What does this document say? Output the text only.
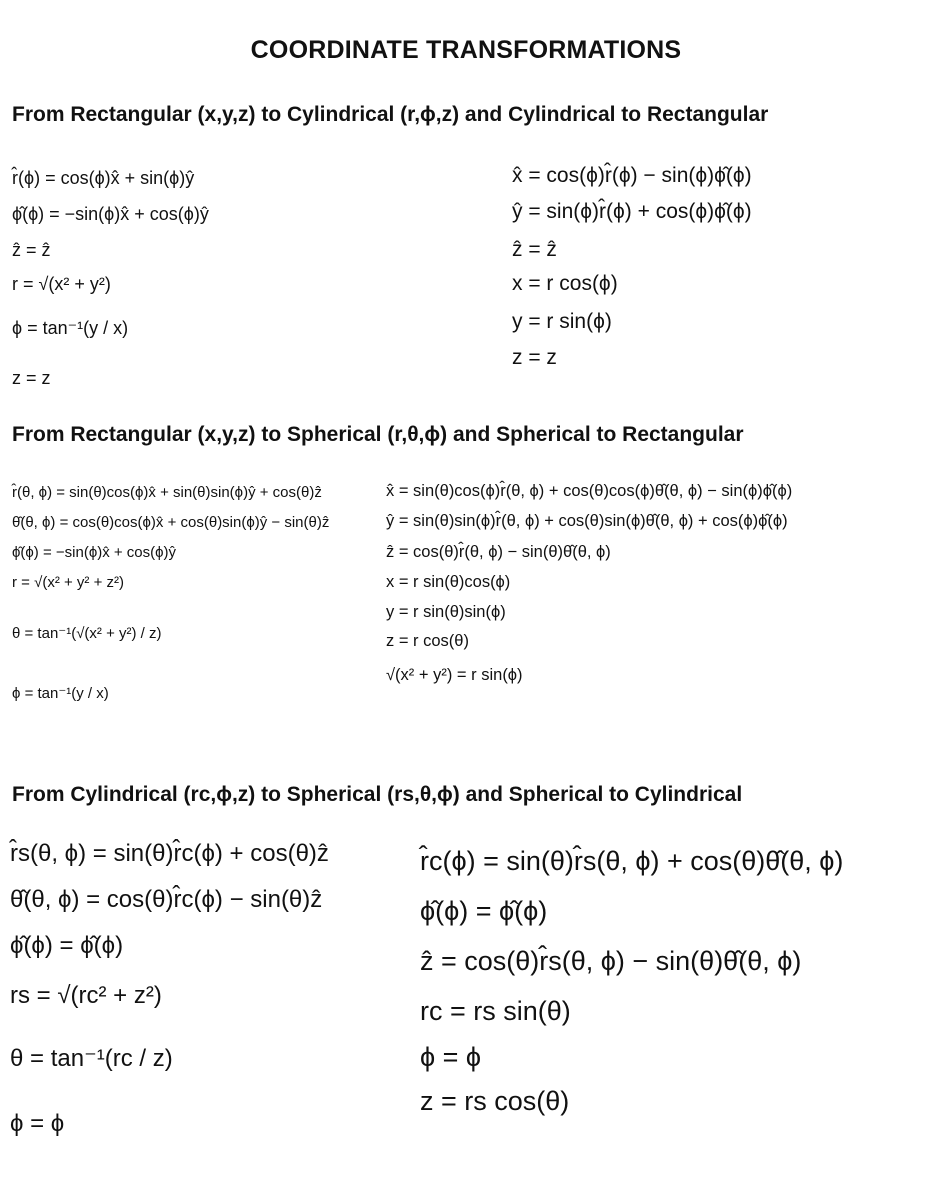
COORDINATE TRANSFORMATIONS
From Rectangular (x,y,z) to Cylindrical (r,ϕ,z) and Cylindrical to Rectangular
r̂(ϕ) = cos(ϕ)x̂ + sin(ϕ)ŷ
ϕ̂(ϕ) = −sin(ϕ)x̂ + cos(ϕ)ŷ
ẑ = ẑ
r = √(x² + y²)
ϕ = tan⁻¹(y / x)
z = z
x̂ = cos(ϕ)r̂(ϕ) − sin(ϕ)ϕ̂(ϕ)
ŷ = sin(ϕ)r̂(ϕ) + cos(ϕ)ϕ̂(ϕ)
ẑ = ẑ
x = r cos(ϕ)
y = r sin(ϕ)
z = z
From Rectangular (x,y,z) to Spherical (r,θ,ϕ) and Spherical to Rectangular
r̂(θ, ϕ) = sin(θ)cos(ϕ)x̂ + sin(θ)sin(ϕ)ŷ + cos(θ)ẑ
θ̂(θ, ϕ) = cos(θ)cos(ϕ)x̂ + cos(θ)sin(ϕ)ŷ − sin(θ)ẑ
ϕ̂(ϕ) = −sin(ϕ)x̂ + cos(ϕ)ŷ
r = √(x² + y² + z²)
θ = tan⁻¹(√(x² + y²) / z)
ϕ = tan⁻¹(y / x)
x̂ = sin(θ)cos(ϕ)r̂(θ, ϕ) + cos(θ)cos(ϕ)θ̂(θ, ϕ) − sin(ϕ)ϕ̂(ϕ)
ŷ = sin(θ)sin(ϕ)r̂(θ, ϕ) + cos(θ)sin(ϕ)θ̂(θ, ϕ) + cos(ϕ)ϕ̂(ϕ)
ẑ = cos(θ)r̂(θ, ϕ) − sin(θ)θ̂(θ, ϕ)
x = r sin(θ)cos(ϕ)
y = r sin(θ)sin(ϕ)
z = r cos(θ)
√(x² + y²) = r sin(ϕ)
From Cylindrical (rc,ϕ,z) to Spherical (rs,θ,ϕ) and Spherical to Cylindrical
r̂s(θ, ϕ) = sin(θ)r̂c(ϕ) + cos(θ)ẑ
θ̂(θ, ϕ) = cos(θ)r̂c(ϕ) − sin(θ)ẑ
ϕ̂(ϕ) = ϕ̂(ϕ)
rs = √(rc² + z²)
θ = tan⁻¹(rc / z)
ϕ = ϕ
r̂c(ϕ) = sin(θ)r̂s(θ, ϕ) + cos(θ)θ̂(θ, ϕ)
ϕ̂(ϕ) = ϕ̂(ϕ)
ẑ = cos(θ)r̂s(θ, ϕ) − sin(θ)θ̂(θ, ϕ)
rc = rs sin(θ)
ϕ = ϕ
z = rs cos(θ)
